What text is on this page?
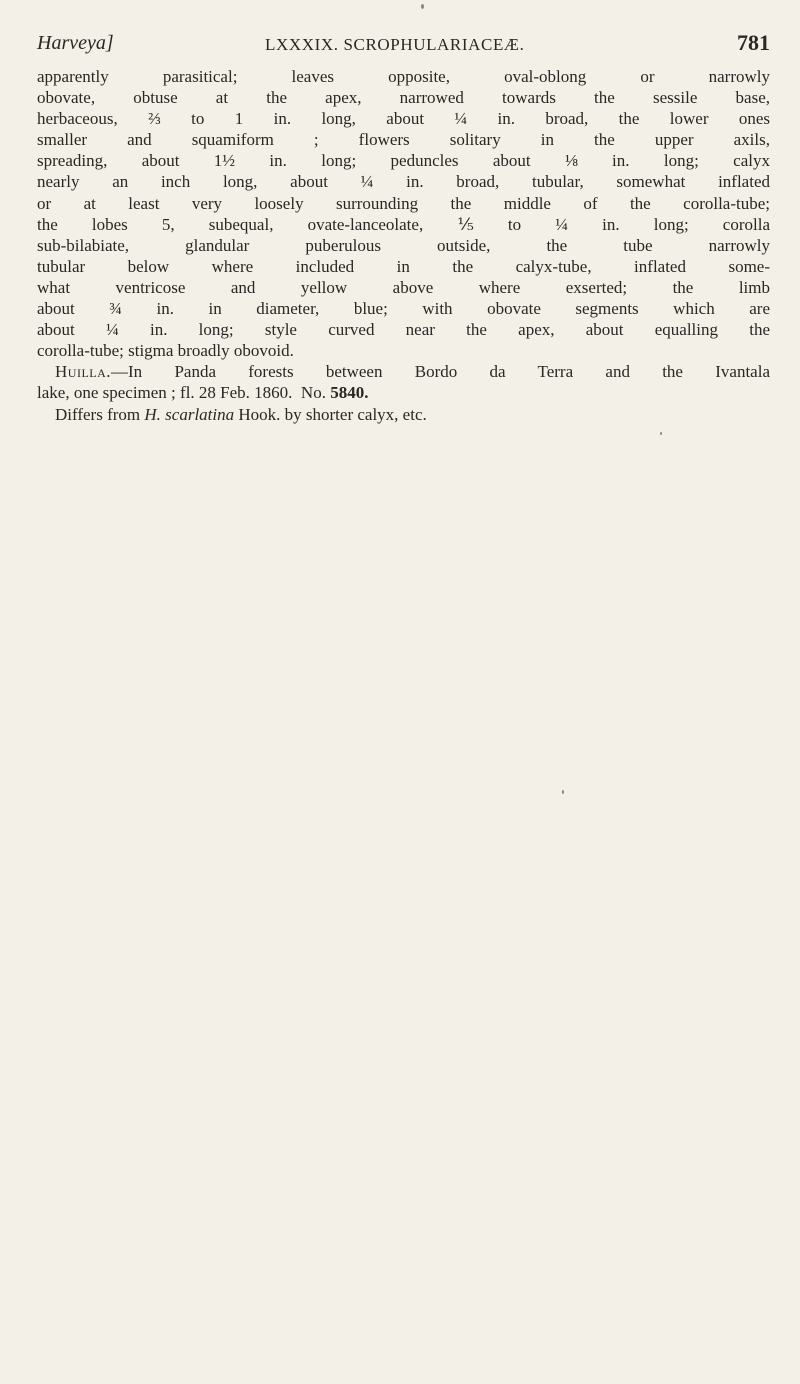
Harveya]	LXXXIX. SCROPHULARIACEÆ.	781

apparently parasitical; leaves opposite, oval-oblong or narrowly
obovate, obtuse at the apex, narrowed towards the sessile base,
herbaceous, ⅔ to 1 in. long, about ¼ in. broad, the lower ones
smaller and squamiform ; flowers solitary in the upper axils,
spreading, about 1½ in. long; peduncles about ⅛ in. long; calyx
nearly an inch long, about ¼ in. broad, tubular, somewhat inflated
or at least very loosely surrounding the middle of the corolla-tube;
the lobes 5, subequal, ovate-lanceolate, ⅕ to ¼ in. long; corolla
sub-bilabiate, glandular puberulous outside, the tube narrowly
tubular below where included in the calyx-tube, inflated some-
what ventricose and yellow above where exserted; the limb
about ¾ in. in diameter, blue; with obovate segments which are
about ¼ in. long; style curved near the apex, about equalling the
corolla-tube; stigma broadly obovoid.

Huilla.—In Panda forests between Bordo da Terra and the Ivantala
lake, one specimen ; fl. 28 Feb. 1860.  No. 5840.

Differs from H. scarlatina Hook. by shorter calyx, etc.
